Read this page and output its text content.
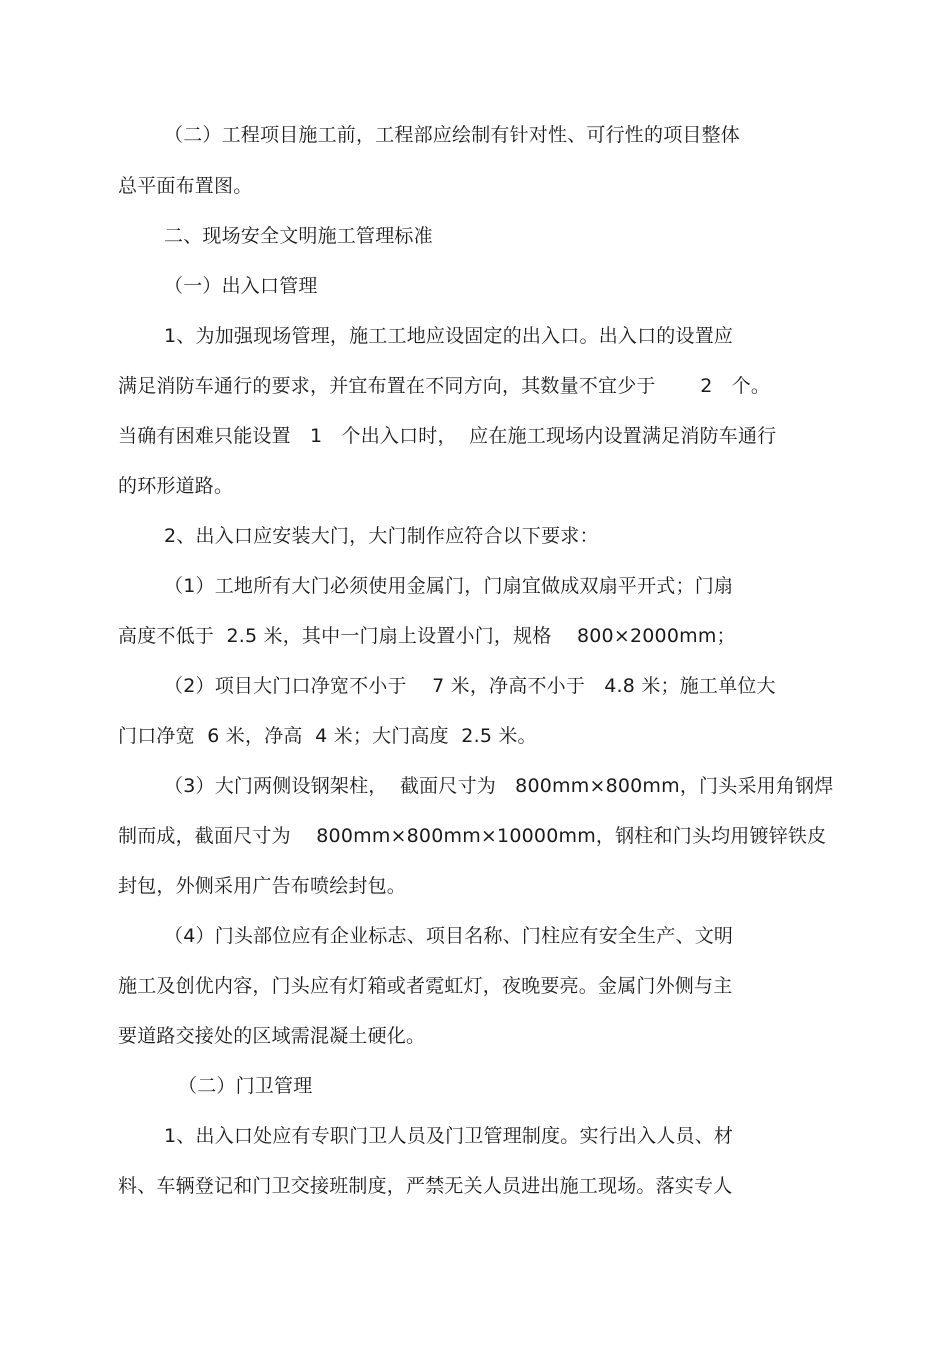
（二）工程项目施工前，工程部应绘制有针对性、可行性的项目整体
总平面布置图。
二、现场安全文明施工管理标准
（一）出入口管理
1、为加强现场管理，施工工地应设固定的出入口。出入口的设置应
满足消防车通行的要求，并宜布置在不同方向，其数量不宜少于　　 2　个。
当确有困难只能设置　1　个出入口时，  应在施工现场内设置满足消防车通行
的环形道路。
2、出入口应安装大门，大门制作应符合以下要求：
（1）工地所有大门必须使用金属门，门扇宜做成双扇平开式；门扇
高度不低于  2.5 米，其中一门扇上设置小门，规格　 800×2000mm；
（2）项目大门口净宽不小于　 7 米，净高不小于　4.8 米；施工单位大
门口净宽  6 米，净高  4 米；大门高度  2.5 米。
（3）大门两侧设钢架柱，  截面尺寸为　800mm×800mm，门头采用角钢焊
制而成，截面尺寸为　 800mm×800mm×10000mm，钢柱和门头均用镀锌铁皮
封包，外侧采用广告布喷绘封包。
（4）门头部位应有企业标志、项目名称、门柱应有安全生产、文明
施工及创优内容，门头应有灯箱或者霓虹灯，夜晚要亮。金属门外侧与主
要道路交接处的区域需混凝土硬化。
（二）门卫管理
1、出入口处应有专职门卫人员及门卫管理制度。实行出入人员、材
料、车辆登记和门卫交接班制度，严禁无关人员进出施工现场。落实专人
